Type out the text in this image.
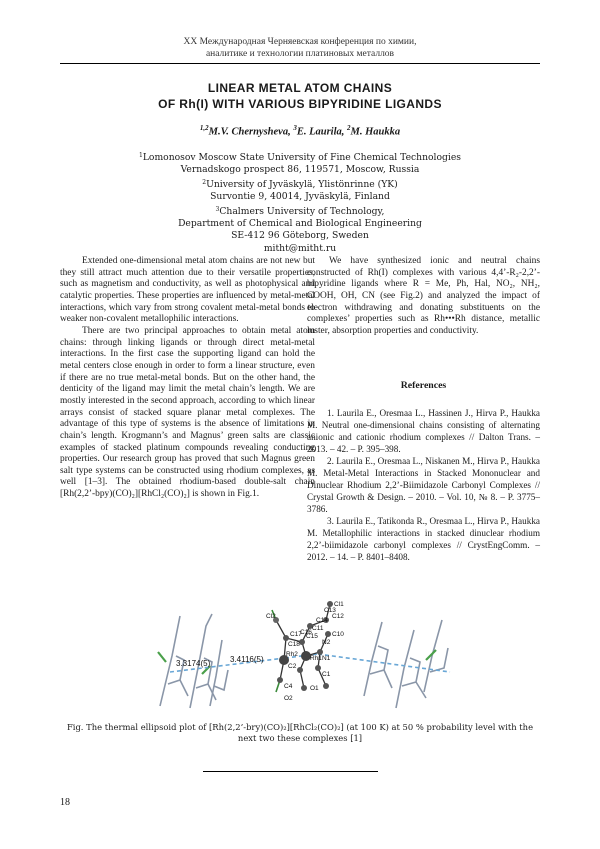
XX Международная Черняевская конференция по химии,
аналитике и технологии платиновых металлов
LINEAR METAL ATOM CHAINS
OF Rh(I) WITH VARIOUS BIPYRIDINE LIGANDS
$^{1,2}$M.V. Chernysheva, $^3$E. Laurila, $^2$M. Haukka
$^1$Lomonosov Moscow State University of Fine Chemical Technologies
Vernadskogo prospect 86, 119571, Moscow, Russia
$^2$University of Jyväskylä, Ylistönrinne (YK)
Survontie 9, 40014, Jyväskylä, Finland
$^3$Chalmers University of Technology,
Department of Chemical and Biological Engineering
SE-412 96 Göteborg, Sweden
mitht@mitht.ru

Extended one-dimensional metal atom chains are not new but they still attract much attention due to their versatile properties, such as magnetism and conductivity, as well as photophysical and catalytic properties. These properties are influenced by metal-metal interactions, which vary from strong covalent metal-metal bonds to weaker non-covalent metallophilic interactions.

There are two principal approaches to obtain metal atom chains: through linking ligands or through direct metal-metal interactions. In the first case the supporting ligand can hold the metal centers close enough in order to form a linear structure, even if there are no true metal-metal bonds. But on the other hand, the denticity of the ligand may limit the metal chain’s length. We are mostly interested in the second approach, according to which linear arrays consist of stacked square planar metal complexes. The advantage of this type of systems is the absence of limitations in chain’s length. Krogmann’s and Magnus’ green salts are classic examples of stacked platinum compounds revealing conducting properties. Our research group has proved that such Magnus green salt type systems can be constructed using rhodium complexes, as well [1–3]. The obtained rhodium-based double-salt chain [Rh(2,2’-bpy)(CO)₂][RhCl₂(CO)₂] is shown in Fig.1.

We have synthesized ionic and neutral chains constructed of Rh(I) complexes with various 4,4’-R₂-2,2’-bipyridine ligands where R = Me, Ph, Hal, NO₂, NH₂, COOH, OH, CN (see Fig.2) and analyzed the impact of electron withdrawing and donating substituents on the complexes’ properties such as Rh•••Rh distance, metallic luster, absorption properties and conductivity.

References

1. Laurila E., Oresmaa L., Hassinen J., Hirva P., Haukka M. Neutral one-dimensional chains consisting of alternating anionic and cationic rhodium complexes // Dalton Trans. – 2013. – 42. – P. 395–398.

2. Laurila E., Oresmaa L., Niskanen M., Hirva P., Haukka M. Metal-Metal Interactions in Stacked Mononuclear and Dinuclear Rhodium 2,2’-Biimidazole Carbonyl Complexes // Crystal Growth & Design. – 2010. – Vol. 10, № 8. – P. 3775–3786.

3. Laurila E., Tatikonda R., Oresmaa L., Hirva P., Haukka M. Metallophilic interactions in stacked dinuclear rhodium 2,2’-biimidazole carbonyl complexes // CrystEngComm. – 2012. – 14. – P. 8401–8408.

Cl1
C13
C12
C14
C11
C16	C10
C15
N2
C17
C18
Rh2
Rh1 N1
Cl2
C2
C1
C4	O1
O2
3.3174(5) 3.4116(5)
Fig. The thermal ellipsoid plot of [Rh(2,2’-bry)(CO)₂][RhCl₂(CO)₂] (at 100 K) at 50 % probability level with the next two these complexes [1]
18
